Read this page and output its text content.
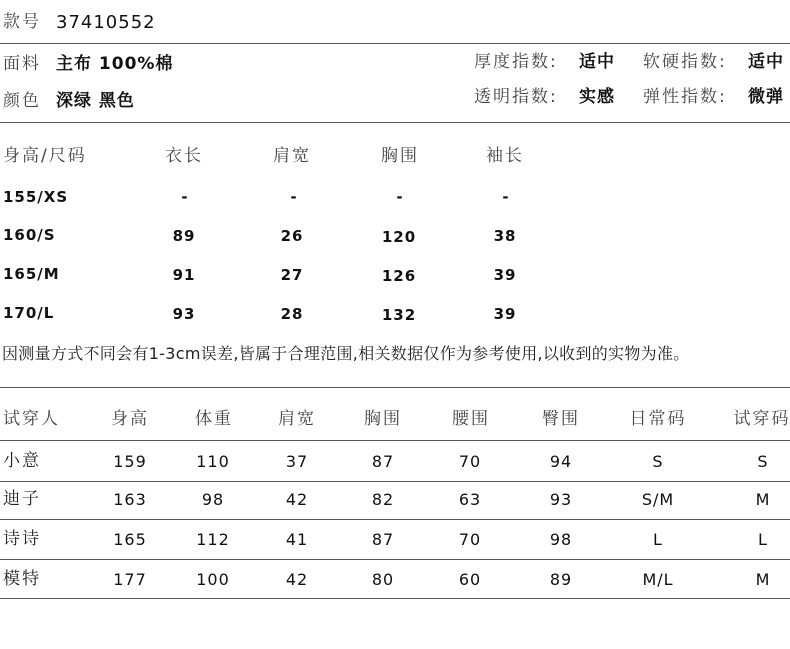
款号 37410552
面料 主布 100%棉	厚度指数: 适中 软硬指数: 适中
颜色 深绿 黑色	透明指数: 实感 弹性指数: 微弹
身高/尺码	衣长	肩宽	胸围	袖长
155/XS	-	-	-	-
160/S	89	26	120	38
165/M	91	27	126	39
170/L	93	28	132	39
因测量方式不同会有1-3cm误差,皆属于合理范围,相关数据仅作为参考使用,以收到的实物为准。
试穿人	身高	体重	肩宽	胸围	腰围	臀围	日常码	试穿码
小意	159	110	37	87	70	94	S	S
迪子	163	98	42	82	63	93	S/M	M
诗诗	165	112	41	87	70	98	L	L
模特	177	100	42	80	60	89	M/L	M
